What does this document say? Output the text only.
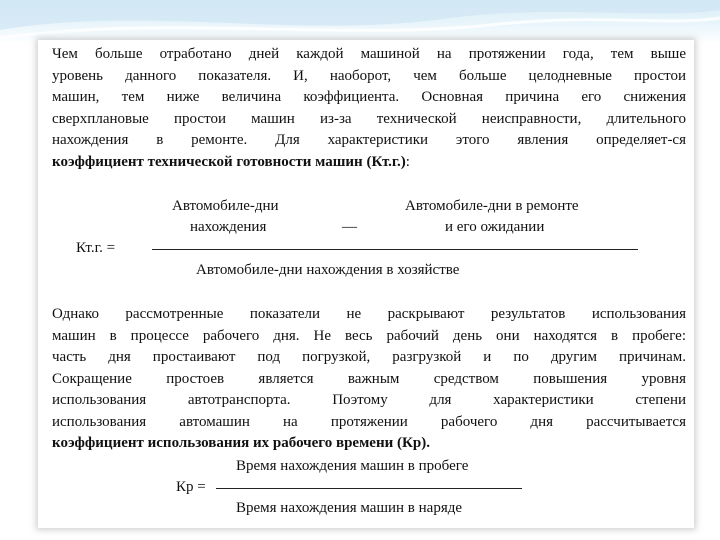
Чем больше отработано дней каждой машиной на протяжении года, тем выше
уровень данного показателя. И, наоборот, чем больше целодневные простои
машин, тем ниже величина коэффициента. Основная причина его снижения
сверхплановые простои машин из-за технической неисправности, длительного
нахождения в ремонте. Для характеристики этого явления определяет-ся
коэффициент технической готовности машин (Кт.г.):
Автомобиле-дни
нахождения	—
Автомобиле-дни в ремонте
и его ожидании
Кт.г. =
Автомобиле-дни нахождения в хозяйстве
Однако рассмотренные показатели не раскрывают результатов использования
машин в процессе рабочего дня. Не весь рабочий день они находятся в пробеге:
часть дня простаивают под погрузкой, разгрузкой и по другим причинам.
Сокращение простоев является важным средством повышения уровня
использования автотранспорта. Поэтому для характеристики степени
использования автомашин на протяжении рабочего дня рассчитывается
коэффициент использования их рабочего времени (Кр).
Время нахождения машин в пробеге
Кр =
Время нахождения машин в наряде
